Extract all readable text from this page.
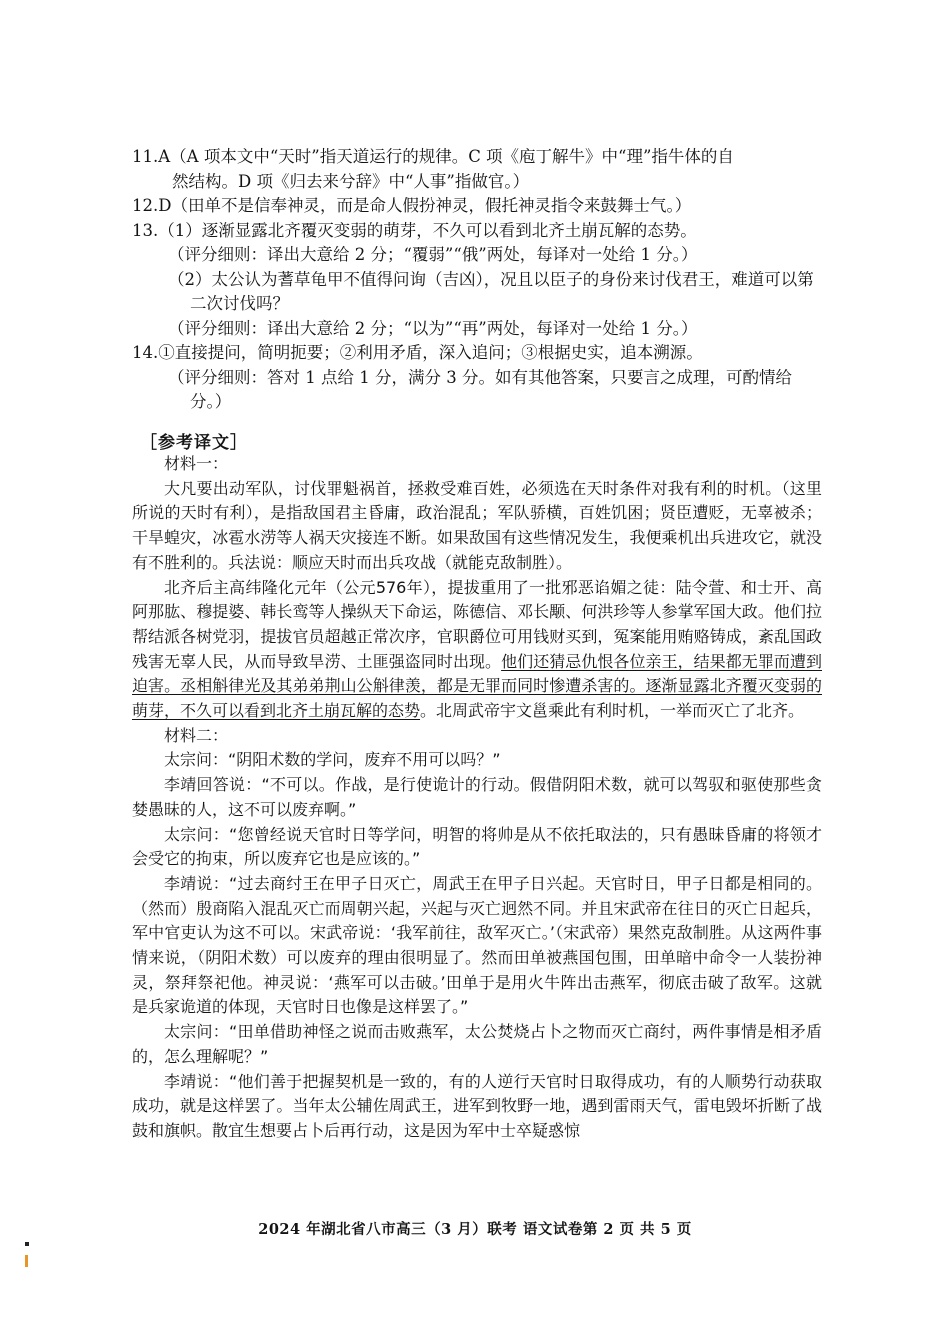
11.A（A 项本文中“天时”指天道运行的规律。C 项《庖丁解牛》中“理”指牛体的自
然结构。D 项《归去来兮辞》中“人事”指做官。）

12.D（田单不是信奉神灵，而是命人假扮神灵，假托神灵指令来鼓舞士气。）

13.（1）逐渐显露北齐覆灭变弱的萌芽，不久可以看到北齐土崩瓦解的态势。

（评分细则：译出大意给 2 分；“覆弱”“俄”两处，每译对一处给 1 分。）

（2）太公认为蓍草龟甲不值得问询（吉凶），况且以臣子的身份来讨伐君王，难道可以第二次讨伐吗？

（评分细则：译出大意给 2 分；“以为”“再”两处，每译对一处给 1 分。）

14.①直接提问，简明扼要；②利用矛盾，深入追问；③根据史实，追本溯源。

（评分细则：答对 1 点给 1 分，满分 3 分。如有其他答案，只要言之成理，可酌情给分。）

［参考译文］

材料一：

大凡要出动军队，讨伐罪魁祸首，拯救受难百姓，必须选在天时条件对我有利的时机。（这里所说的天时有利），是指敌国君主昏庸，政治混乱；军队骄横，百姓饥困；贤臣遭贬，无辜被杀；干旱蝗灾，冰雹水涝等人祸天灾接连不断。如果敌国有这些情况发生，我便乘机出兵进攻它，就没有不胜利的。兵法说：顺应天时而出兵攻战（就能克敌制胜）。

北齐后主高纬隆化元年（公元576年），提拔重用了一批邪恶谄媚之徒：陆令萱、和士开、高阿那肱、穆提婆、韩长鸾等人操纵天下命运，陈德信、邓长颙、何洪珍等人参掌军国大政。他们拉帮结派各树党羽，提拔官员超越正常次序，官职爵位可用钱财买到，冤案能用贿赂铸成，紊乱国政残害无辜人民，从而导致旱涝、土匪强盗同时出现。他们还猜忌仇恨各位亲王，结果都无罪而遭到迫害。丞相斛律光及其弟弟荆山公斛律羡，都是无罪而同时惨遭杀害的。逐渐显露北齐覆灭变弱的萌芽，不久可以看到北齐土崩瓦解的态势。北周武帝宇文邕乘此有利时机，一举而灭亡了北齐。

材料二：

太宗问：“阴阳术数的学问，废弃不用可以吗？”

李靖回答说：“不可以。作战，是行使诡计的行动。假借阴阳术数，就可以驾驭和驱使那些贪婪愚昧的人，这不可以废弃啊。”

太宗问：“您曾经说天官时日等学问，明智的将帅是从不依托取法的，只有愚昧昏庸的将领才会受它的拘束，所以废弃它也是应该的。”

李靖说：“过去商纣王在甲子日灭亡，周武王在甲子日兴起。天官时日，甲子日都是相同的。（然而）殷商陷入混乱灭亡而周朝兴起，兴起与灭亡迥然不同。并且宋武帝在往日的灭亡日起兵，军中官吏认为这不可以。宋武帝说：‘我军前往，敌军灭亡。’（宋武帝）果然克敌制胜。从这两件事情来说，（阴阳术数）可以废弃的理由很明显了。然而田单被燕国包围，田单暗中命令一人装扮神灵，祭拜祭祀他。神灵说：‘燕军可以击破。’田单于是用火牛阵出击燕军，彻底击破了敌军。这就是兵家诡道的体现，天官时日也像是这样罢了。”

太宗问：“田单借助神怪之说而击败燕军，太公焚烧占卜之物而灭亡商纣，两件事情是相矛盾的，怎么理解呢？”

李靖说：“他们善于把握契机是一致的，有的人逆行天官时日取得成功，有的人顺势行动获取成功，就是这样罢了。当年太公辅佐周武王，进军到牧野一地，遇到雷雨天气，雷电毁坏折断了战鼓和旗帜。散宜生想要占卜后再行动，这是因为军中士卒疑惑惊

2024 年湖北省八市高三（3 月）联考 语文试卷第 2 页 共 5 页
